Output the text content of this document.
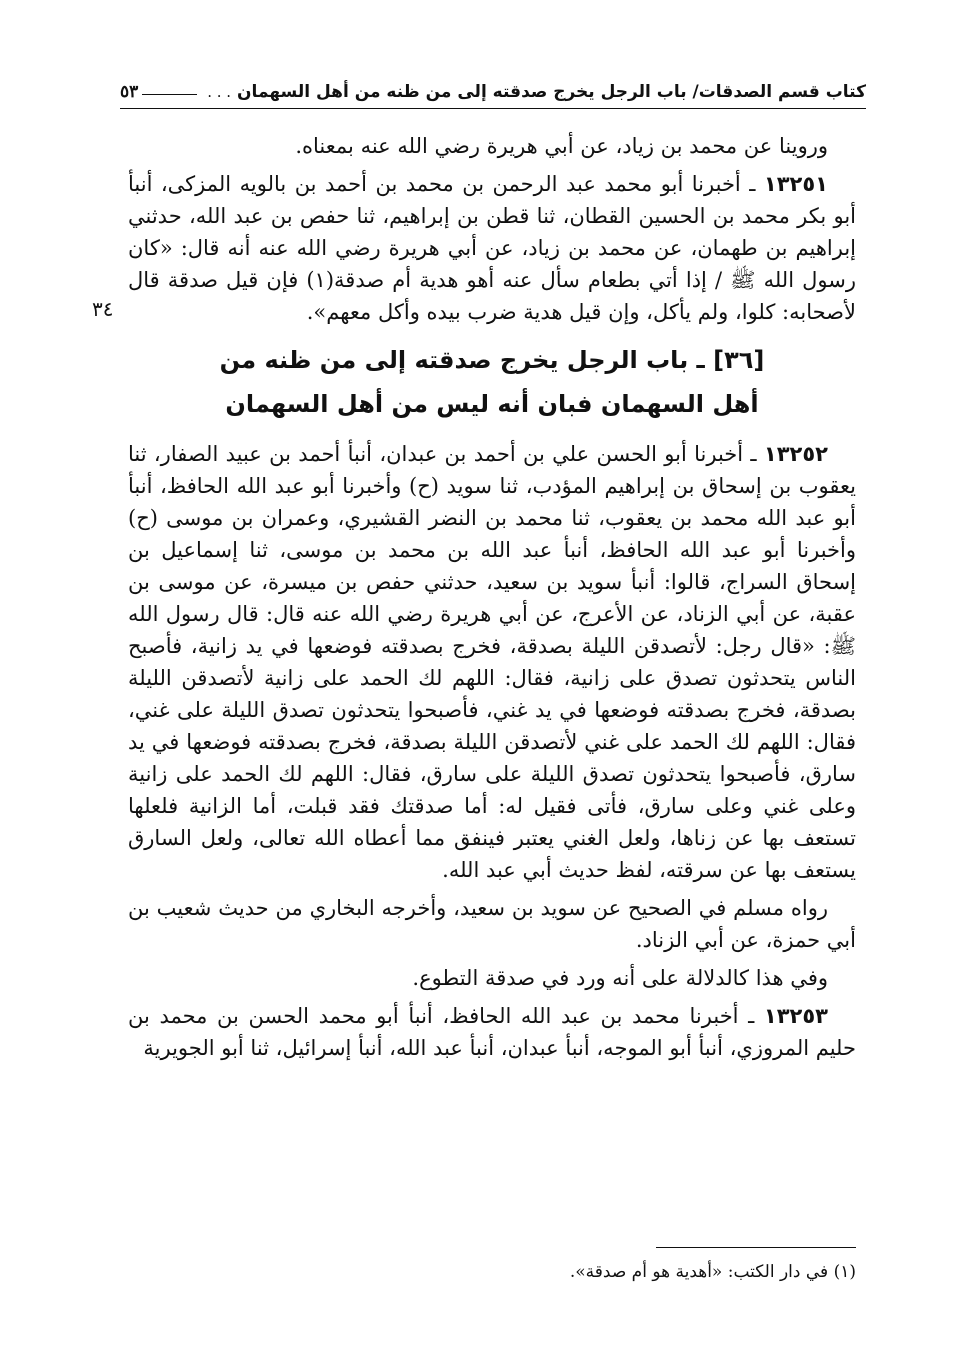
كتاب قسم الصدقات/ باب الرجل يخرج صدقته إلى من ظنه من أهل السهمان
. . .
٥٣
٣٤

وروينا عن محمد بن زياد، عن أبي هريرة رضي الله عنه بمعناه.

١٣٢٥١ ـ أخبرنا أبو محمد عبد الرحمن بن محمد بن أحمد بن بالويه المزكى، أنبأ أبو بكر محمد بن الحسين القطان، ثنا قطن بن إبراهيم، ثنا حفص بن عبد الله، حدثني إبراهيم بن طهمان، عن محمد بن زياد، عن أبي هريرة رضي الله عنه أنه قال: «كان رسول الله ﷺ / إذا أتي بطعام سأل عنه أهو هدية أم صدقة(١) فإن قيل صدقة قال لأصحابه: كلوا، ولم يأكل، وإن قيل هدية ضرب بيده وأكل معهم».

[٣٦] ـ باب الرجل يخرج صدقته إلى من ظنه من
أهل السهمان فبان أنه ليس من أهل السهمان

١٣٢٥٢ ـ أخبرنا أبو الحسن علي بن أحمد بن عبدان، أنبأ أحمد بن عبيد الصفار، ثنا يعقوب بن إسحاق بن إبراهيم المؤدب، ثنا سويد (ح) وأخبرنا أبو عبد الله الحافظ، أنبأ أبو عبد الله محمد بن يعقوب، ثنا محمد بن النضر القشيري، وعمران بن موسى (ح) وأخبرنا أبو عبد الله الحافظ، أنبأ عبد الله بن محمد بن موسى، ثنا إسماعيل بن إسحاق السراج، قالوا: أنبأ سويد بن سعيد، حدثني حفص بن ميسرة، عن موسى بن عقبة، عن أبي الزناد، عن الأعرج، عن أبي هريرة رضي الله عنه قال: قال رسول الله ﷺ: «قال رجل: لأتصدقن الليلة بصدقة، فخرج بصدقته فوضعها في يد زانية، فأصبح الناس يتحدثون تصدق على زانية، فقال: اللهم لك الحمد على زانية لأتصدقن الليلة بصدقة، فخرج بصدقته فوضعها في يد غني، فأصبحوا يتحدثون تصدق الليلة على غني، فقال: اللهم لك الحمد على غني لأتصدقن الليلة بصدقة، فخرج بصدقته فوضعها في يد سارق، فأصبحوا يتحدثون تصدق الليلة على سارق، فقال: اللهم لك الحمد على زانية وعلى غني وعلى سارق، فأتى فقيل له: أما صدقتك فقد قبلت، أما الزانية فلعلها تستعف بها عن زناها، ولعل الغني يعتبر فينفق مما أعطاه الله تعالى، ولعل السارق يستعف بها عن سرقته، لفظ حديث أبي عبد الله.

رواه مسلم في الصحيح عن سويد بن سعيد، وأخرجه البخاري من حديث شعيب بن أبي حمزة، عن أبي الزناد.

وفي هذا كالدلالة على أنه ورد في صدقة التطوع.

١٣٢٥٣ ـ أخبرنا محمد بن عبد الله الحافظ، أنبأ أبو محمد الحسن بن محمد بن حليم المروزي، أنبأ أبو الموجه، أنبأ عبدان، أنبأ عبد الله، أنبأ إسرائيل، ثنا أبو الجويرية

(١) في دار الكتب: «أهدية هو أم صدقة».
